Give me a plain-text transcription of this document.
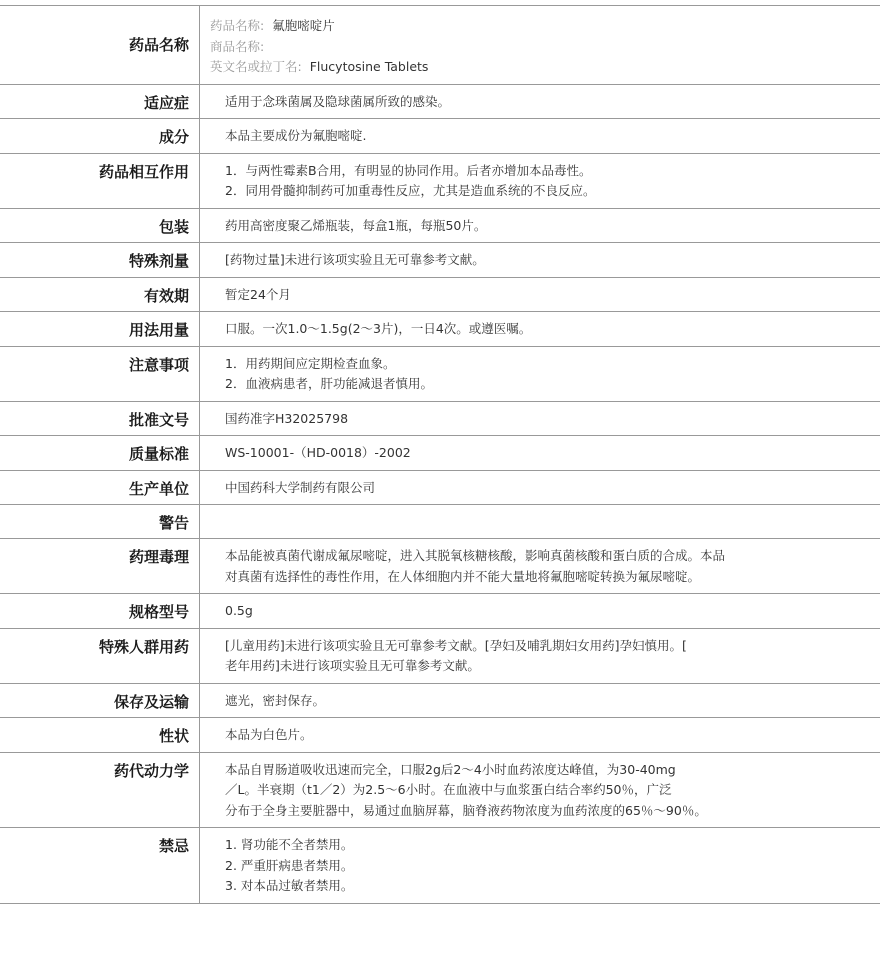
药品名称
药品名称: 氟胞嘧啶片
商品名称:
英文名或拉丁名: Flucytosine Tablets
适应症	适用于念珠菌属及隐球菌属所致的感染。
成分	本品主要成份为氟胞嘧啶.
药品相互作用	1．与两性霉素B合用，有明显的协同作用。后者亦增加本品毒性。
2．同用骨髓抑制药可加重毒性反应，尤其是造血系统的不良反应。
包装	药用高密度聚乙烯瓶装，每盒1瓶，每瓶50片。
特殊剂量	[药物过量]未进行该项实验且无可靠参考文献。
有效期	暂定24个月
用法用量	口服。一次1.0～1.5g(2～3片)，一日4次。或遵医嘱。
注意事项	1．用药期间应定期检查血象。
2．血液病患者，肝功能减退者慎用。
批准文号	国药准字H32025798
质量标准	WS-10001-（HD-0018）-2002
生产单位	中国药科大学制药有限公司
警告
药理毒理	本品能被真菌代谢成氟尿嘧啶，进入其脱氧核糖核酸，影响真菌核酸和蛋白质的合成。本品
对真菌有选择性的毒性作用，在人体细胞内并不能大量地将氟胞嘧啶转换为氟尿嘧啶。
规格型号	0.5g
特殊人群用药	[儿童用药]未进行该项实验且无可靠参考文献。[孕妇及哺乳期妇女用药]孕妇慎用。[
老年用药]未进行该项实验且无可靠参考文献。
保存及运输	遮光，密封保存。
性状	本品为白色片。
药代动力学	本品自胃肠道吸收迅速而完全，口服2g后2～4小时血药浓度达峰值，为30-40mg
／L。半衰期（t1／2）为2.5～6小时。在血液中与血浆蛋白结合率约50％，广泛
分布于全身主要脏器中，易通过血脑屏幕，脑脊液药物浓度为血药浓度的65％～90％。
禁忌	1. 肾功能不全者禁用。
2. 严重肝病患者禁用。
3. 对本品过敏者禁用。
